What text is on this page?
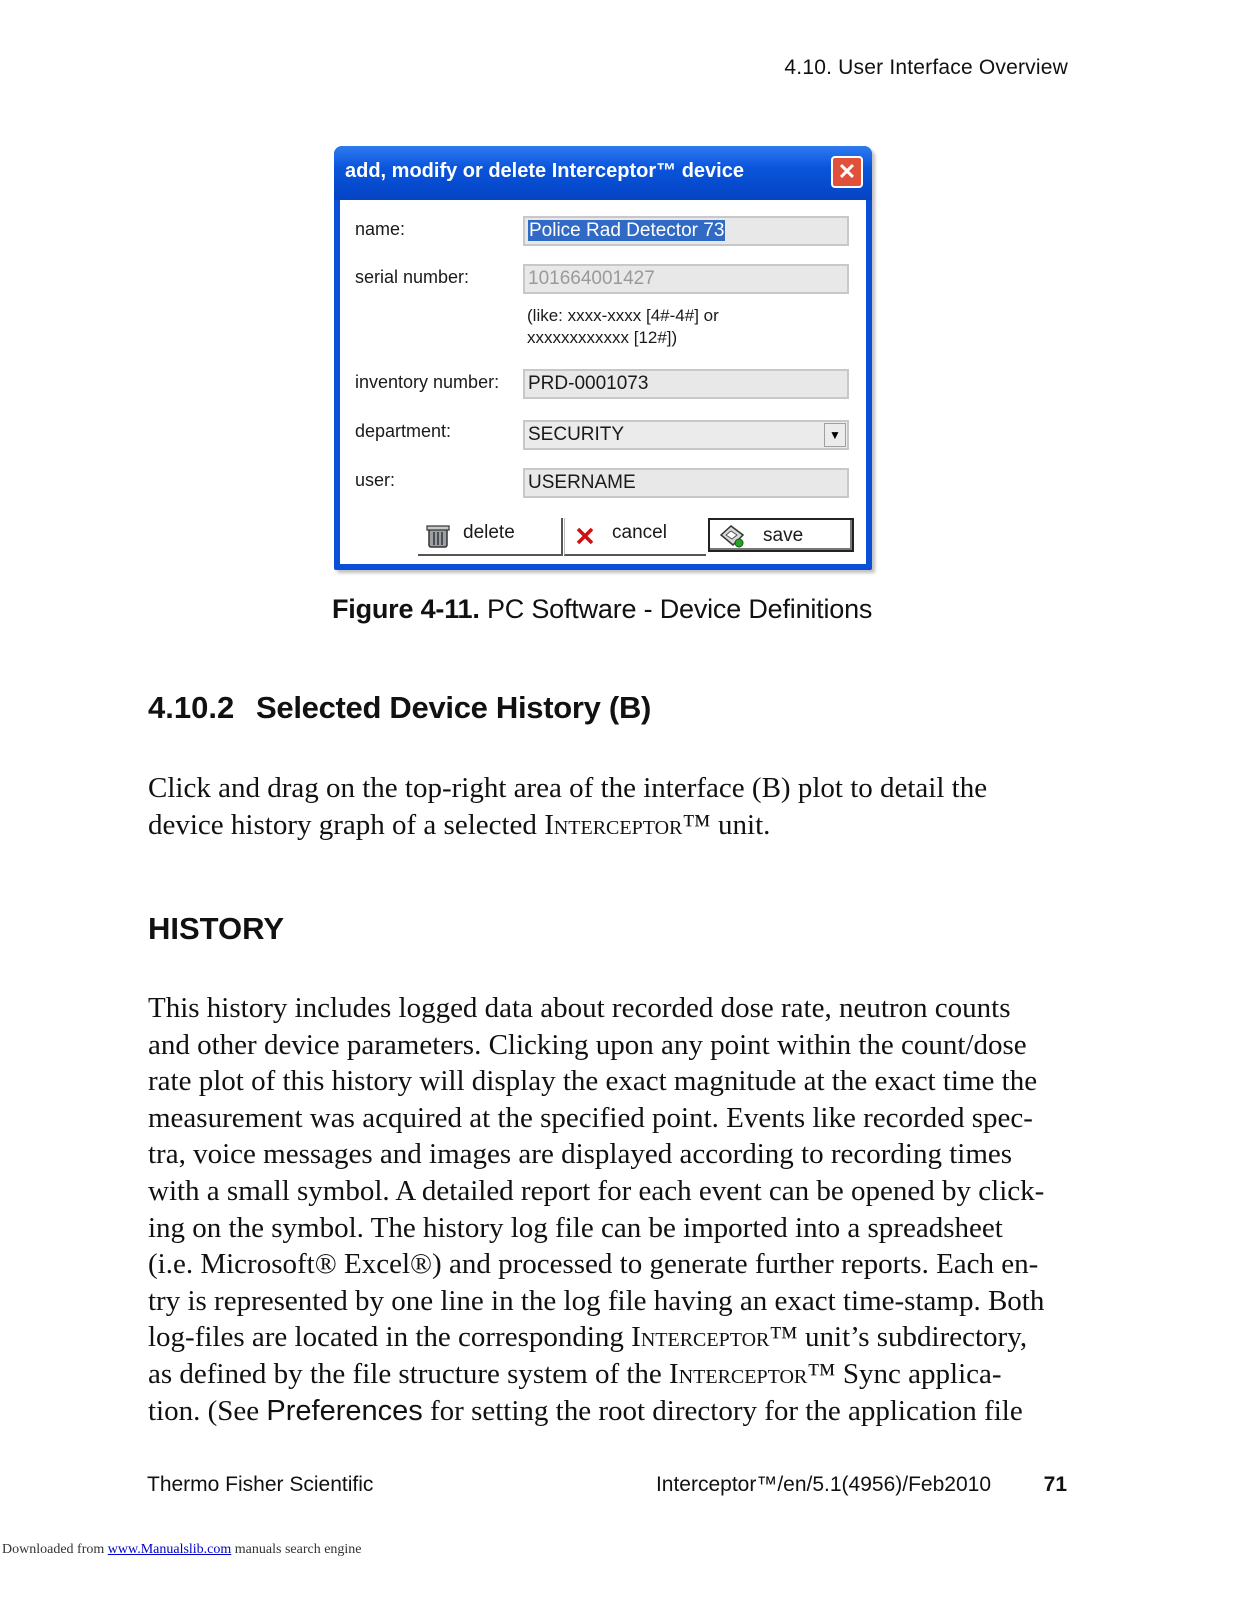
4.10. User Interface Overview
add, modify or delete Interceptor™ device	✕
name:	Police Rad Detector 73
serial number:	101664001427
(like: xxxx-xxxx [4#-4#] or
xxxxxxxxxxxx [12#])
inventory number: PRD-0001073
department:	SECURITY	▼
user:	USERNAME
delete	cancel	save
Figure 4-11. PC Software - Device Definitions
4.10.2 Selected Device History (B)
Click and drag on the top-right area of the interface (B) plot to detail the
device history graph of a selected Interceptor™ unit.
HISTORY
This history includes logged data about recorded dose rate, neutron counts
and other device parameters. Clicking upon any point within the count/dose
rate plot of this history will display the exact magnitude at the exact time the
measurement was acquired at the specified point. Events like recorded spec-
tra, voice messages and images are displayed according to recording times
with a small symbol. A detailed report for each event can be opened by click-
ing on the symbol. The history log file can be imported into a spreadsheet
(i.e. Microsoft® Excel®) and processed to generate further reports. Each en-
try is represented by one line in the log file having an exact time-stamp. Both
log-files are located in the corresponding Interceptor™ unit’s subdirectory,
as defined by the file structure system of the Interceptor™ Sync applica-
tion. (See Preferences for setting the root directory for the application file
Thermo Fisher Scientific	Interceptor™/en/5.1(4956)/Feb2010	71
Downloaded from www.Manualslib.com manuals search engine
